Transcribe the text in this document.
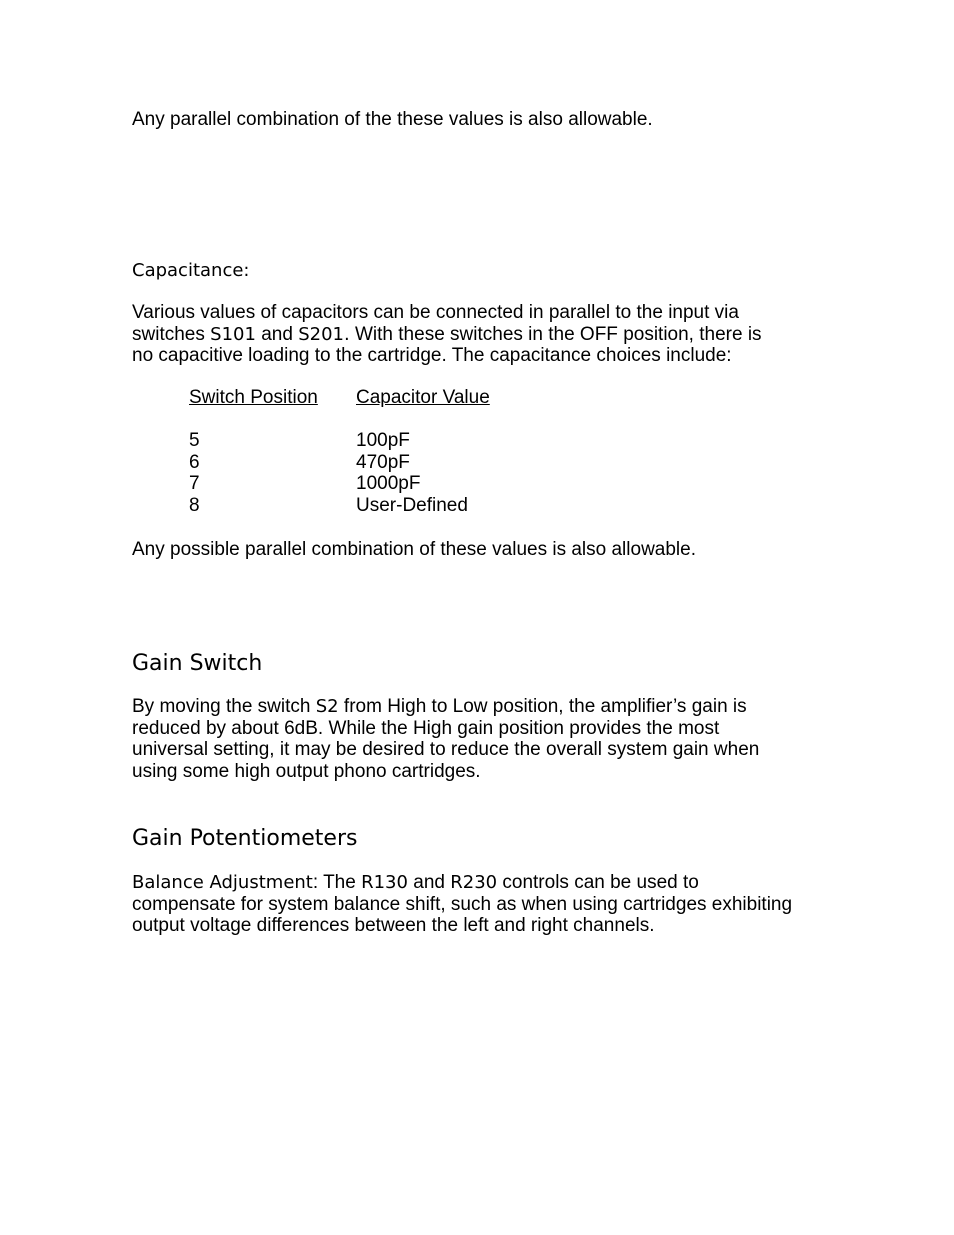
Any parallel combination of the these values is also allowable.

Capacitance:

Various values of capacitors can be connected in parallel to the input via
switches S101 and S201. With these switches in the OFF position, there is
no capacitive loading to the cartridge. The capacitance choices include:
Switch Position	Capacitor Value
5	100pF
6	470pF
7	1000pF
8	User-Defined

Any possible parallel combination of these values is also allowable.

Gain Switch
By moving the switch S2 from High to Low position, the amplifier’s gain is
reduced by about 6dB. While the High gain position provides the most
universal setting, it may be desired to reduce the overall system gain when
using some high output phono cartridges.
Gain Potentiometers
Balance Adjustment: The R130 and R230 controls can be used to
compensate for system balance shift, such as when using cartridges exhibiting
output voltage differences between the left and right channels.
